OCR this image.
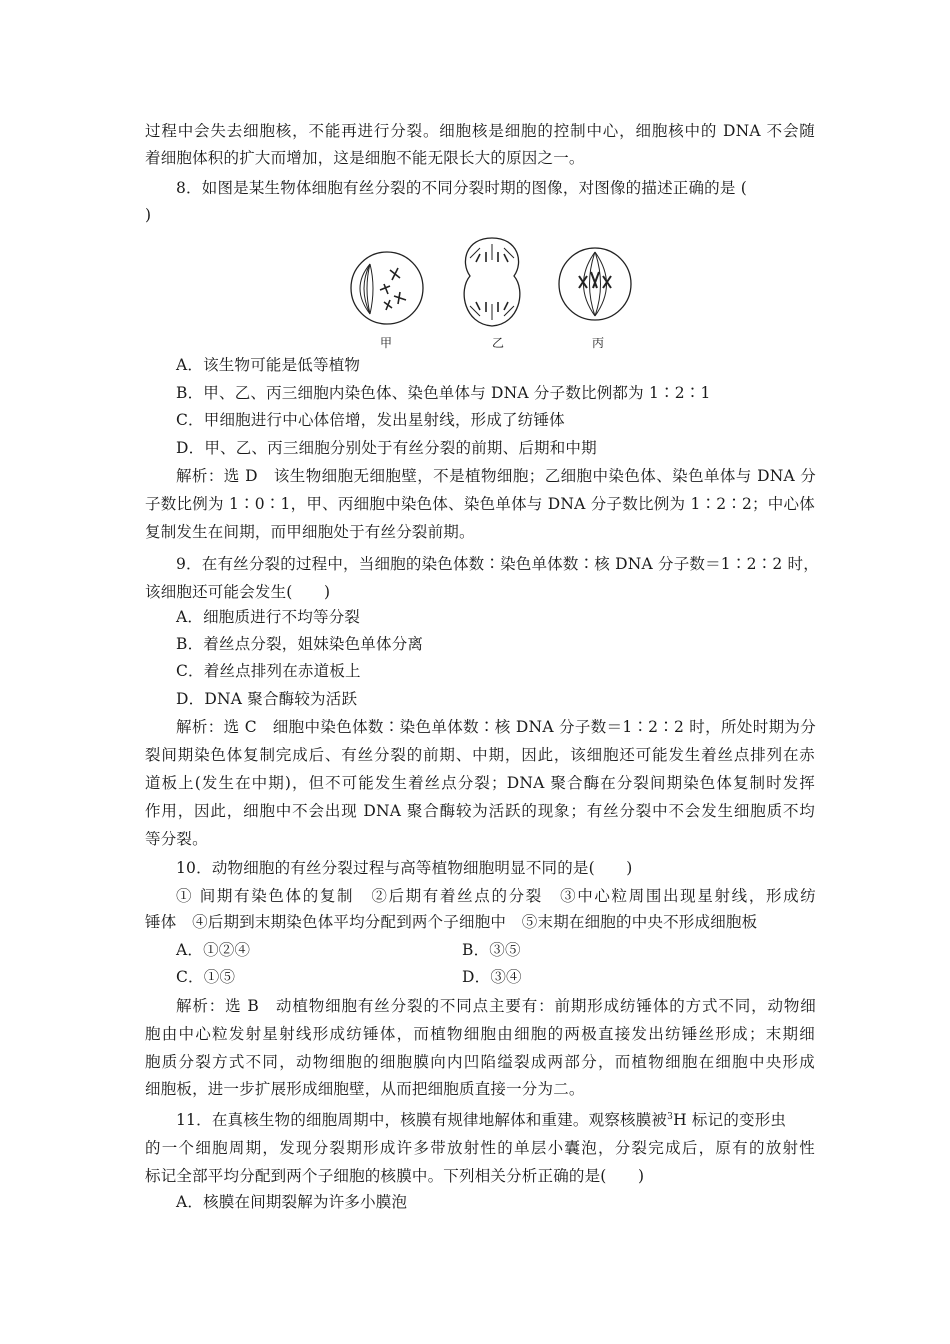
过程中会失去细胞核，不能再进行分裂。细胞核是细胞的控制中心，细胞核中的 DNA 不会随
着细胞体积的扩大而增加，这是细胞不能无限长大的原因之一。
8．如图是某生物体细胞有丝分裂的不同分裂时期的图像，对图像的描述正确的是 (
)
甲	乙	丙
A．该生物可能是低等植物
B．甲、乙、丙三细胞内染色体、染色单体与 DNA 分子数比例都为 1∶2∶1
C．甲细胞进行中心体倍增，发出星射线，形成了纺锤体
D．甲、乙、丙三细胞分别处于有丝分裂的前期、后期和中期
解析：选 D　该生物细胞无细胞壁，不是植物细胞；乙细胞中染色体、染色单体与 DNA 分
子数比例为 1∶0∶1，甲、丙细胞中染色体、染色单体与 DNA 分子数比例为 1∶2∶2；中心体
复制发生在间期，而甲细胞处于有丝分裂前期。
9．在有丝分裂的过程中，当细胞的染色体数∶染色单体数∶核 DNA 分子数＝1∶2∶2 时，
该细胞还可能会发生(　　)
A．细胞质进行不均等分裂
B．着丝点分裂，姐妹染色单体分离
C．着丝点排列在赤道板上
D．DNA 聚合酶较为活跃
解析：选 C　细胞中染色体数∶染色单体数∶核 DNA 分子数＝1∶2∶2 时，所处时期为分
裂间期染色体复制完成后、有丝分裂的前期、中期，因此，该细胞还可能发生着丝点排列在赤
道板上(发生在中期)，但不可能发生着丝点分裂；DNA 聚合酶在分裂间期染色体复制时发挥
作用，因此，细胞中不会出现 DNA 聚合酶较为活跃的现象；有丝分裂中不会发生细胞质不均
等分裂。
10．动物细胞的有丝分裂过程与高等植物细胞明显不同的是(　　)
① 间期有染色体的复制　②后期有着丝点的分裂　③中心粒周围出现星射线，形成纺
锤体　④后期到末期染色体平均分配到两个子细胞中　⑤末期在细胞的中央不形成细胞板
A．①②④	B．③⑤
C．①⑤	D．③④
解析：选 B　动植物细胞有丝分裂的不同点主要有：前期形成纺锤体的方式不同，动物细
胞由中心粒发射星射线形成纺锤体，而植物细胞由细胞的两极直接发出纺锤丝形成；末期细
胞质分裂方式不同，动物细胞的细胞膜向内凹陷缢裂成两部分，而植物细胞在细胞中央形成
细胞板，进一步扩展形成细胞壁，从而把细胞质直接一分为二。
11．在真核生物的细胞周期中，核膜有规律地解体和重建。观察核膜被$^3$H 标记的变形虫
的一个细胞周期，发现分裂期形成许多带放射性的单层小囊泡，分裂完成后，原有的放射性
标记全部平均分配到两个子细胞的核膜中。下列相关分析正确的是(　　)
A．核膜在间期裂解为许多小膜泡
